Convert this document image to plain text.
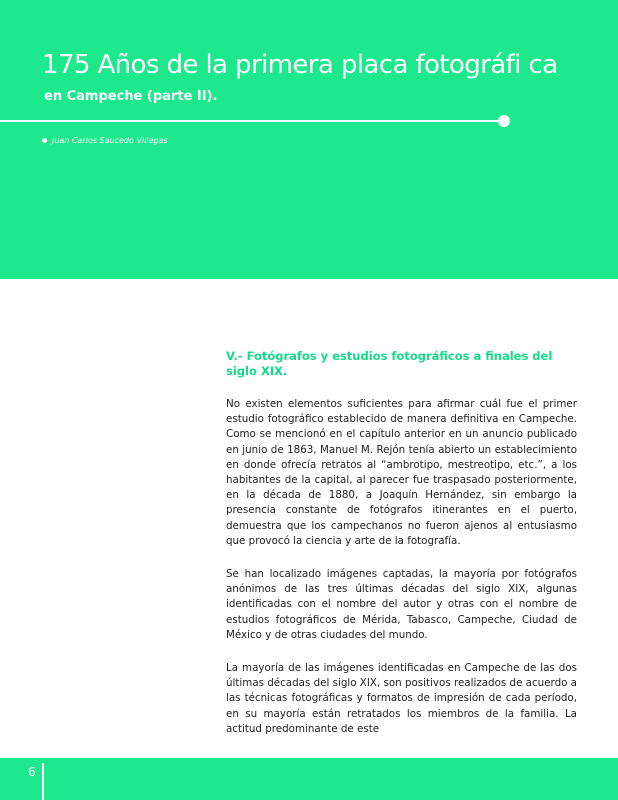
175 Años de la primera placa fotográfi ca
en Campeche (parte II).
Juan Carlos Saucedo Villegas
V.- Fotógrafos y estudios fotográficos a finales del siglo XIX.

No existen elementos suficientes para afirmar cuál fue el primer estudio fotográfico establecido de manera definitiva en Campeche. Como se mencionó en el capítulo anterior en un anuncio publicado en junio de 1863, Manuel M. Rejón tenía abierto un establecimiento en donde ofrecía retratos al “ambrotipo, mestreotipo, etc.”, a los habitantes de la capital, al parecer fue traspasado posteriormente, en la década de 1880, a Joaquín Hernández, sin embargo la presencia constante de fotógrafos itinerantes en el puerto, demuestra que los campechanos no fueron ajenos al entusiasmo que provocó la ciencia y arte de la fotografía.

Se han localizado imágenes captadas, la mayoría por fotógrafos anónimos de las tres últimas décadas del siglo XIX, algunas identificadas con el nombre del autor y otras con el nombre de estudios fotográficos de Mérida, Tabasco, Campeche, Ciudad de México y de otras ciudades del mundo.

La mayoría de las imágenes identificadas en Campeche de las dos últimas décadas del siglo XIX, son positivos realizados de acuerdo a las técnicas fotográficas y formatos de impresión de cada período, en su mayoría están retratados los miembros de la familia. La actitud predominante de este

6
